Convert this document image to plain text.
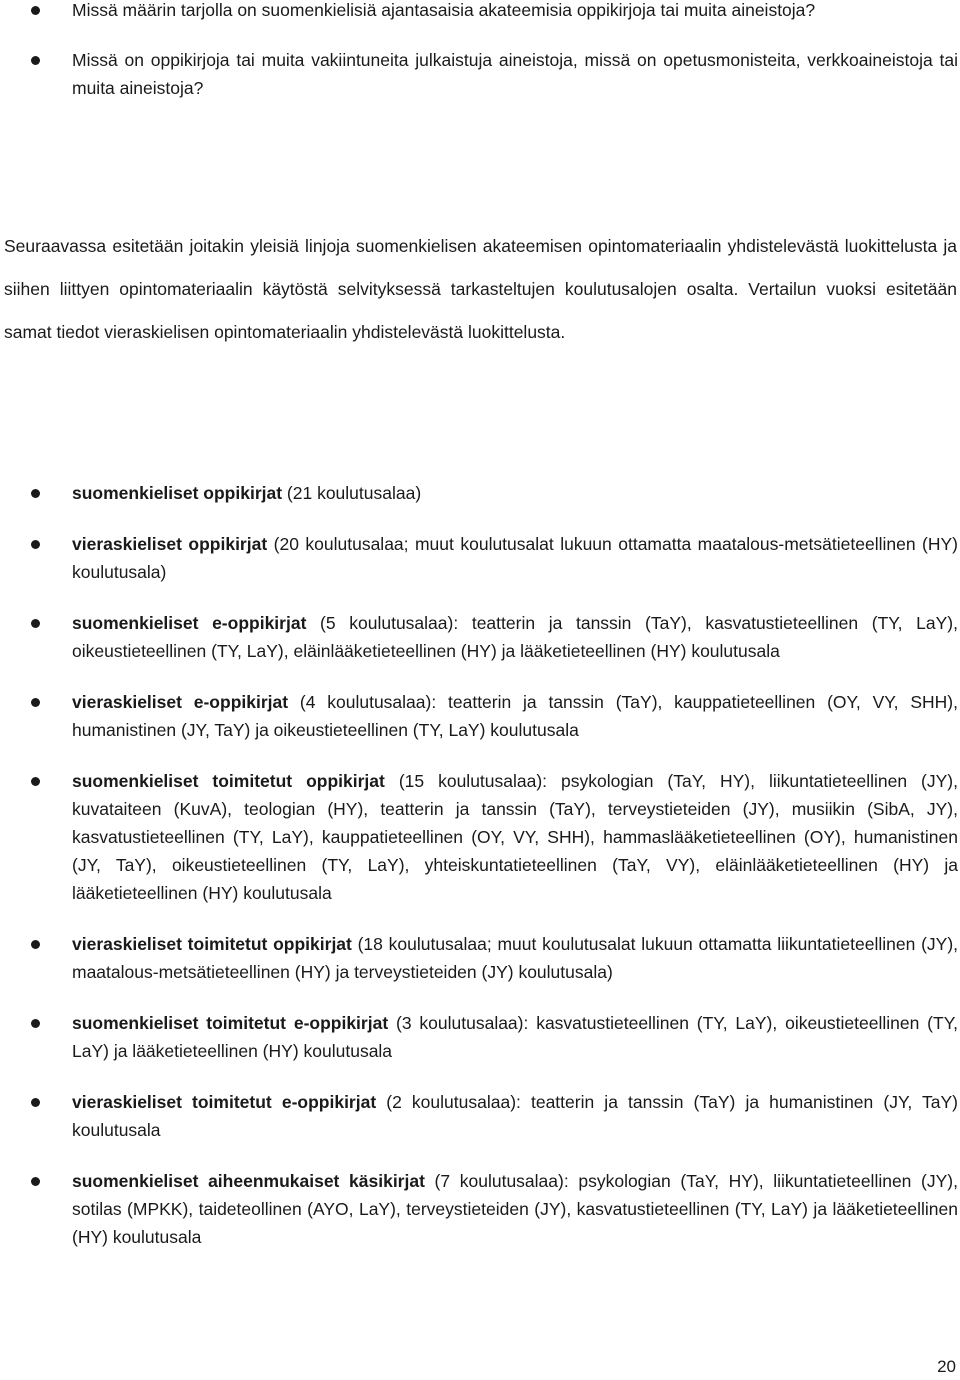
Missä määrin tarjolla on suomenkielisiä ajantasaisia akateemisia oppikirjoja tai muita aineistoja?
Missä on oppikirjoja tai muita vakiintuneita julkaistuja aineistoja, missä on opetusmonisteita, verkkoaineistoja tai muita aineistoja?

Seuraavassa esitetään joitakin yleisiä linjoja suomenkielisen akateemisen opintomateriaalin yhdistelevästä luokittelusta ja siihen liittyen opintomateriaalin käytöstä selvityksessä tarkasteltujen koulutusalojen osalta. Vertailun vuoksi esitetään samat tiedot vieraskielisen opintomateriaalin yhdistelevästä luokittelusta.

suomenkieliset oppikirjat (21 koulutusalaa)
vieraskieliset oppikirjat (20 koulutusalaa; muut koulutusalat lukuun ottamatta maatalous-metsätieteellinen (HY) koulutusala)
suomenkieliset e-oppikirjat (5 koulutusalaa): teatterin ja tanssin (TaY), kasvatustieteellinen (TY, LaY), oikeustieteellinen (TY, LaY), eläinlääketieteellinen (HY) ja lääketieteellinen (HY) koulutusala
vieraskieliset e-oppikirjat (4 koulutusalaa): teatterin ja tanssin (TaY), kauppatieteellinen (OY, VY, SHH), humanistinen (JY, TaY) ja oikeustieteellinen (TY, LaY) koulutusala
suomenkieliset toimitetut oppikirjat (15 koulutusalaa): psykologian (TaY, HY), liikuntatieteellinen (JY), kuvataiteen (KuvA), teologian (HY), teatterin ja tanssin (TaY), terveystieteiden (JY), musiikin (SibA, JY), kasvatustieteellinen (TY, LaY), kauppatieteellinen (OY, VY, SHH), hammaslääketieteellinen (OY), humanistinen (JY, TaY), oikeustieteellinen (TY, LaY), yhteiskuntatieteellinen (TaY, VY), eläinlääketieteellinen (HY) ja lääketieteellinen (HY) koulutusala
vieraskieliset toimitetut oppikirjat (18 koulutusalaa; muut koulutusalat lukuun ottamatta liikuntatieteellinen (JY), maatalous-metsätieteellinen (HY) ja terveystieteiden (JY) koulutusala)
suomenkieliset toimitetut e-oppikirjat (3 koulutusalaa): kasvatustieteellinen (TY, LaY), oikeustieteellinen (TY, LaY) ja lääketieteellinen (HY) koulutusala
vieraskieliset toimitetut e-oppikirjat (2 koulutusalaa): teatterin ja tanssin (TaY) ja humanistinen (JY, TaY) koulutusala
suomenkieliset aiheenmukaiset käsikirjat (7 koulutusalaa): psykologian (TaY, HY), liikuntatieteellinen (JY), sotilas (MPKK), taideteollinen (AYO, LaY), terveystieteiden (JY), kasvatustieteellinen (TY, LaY) ja lääketieteellinen (HY) koulutusala
20
